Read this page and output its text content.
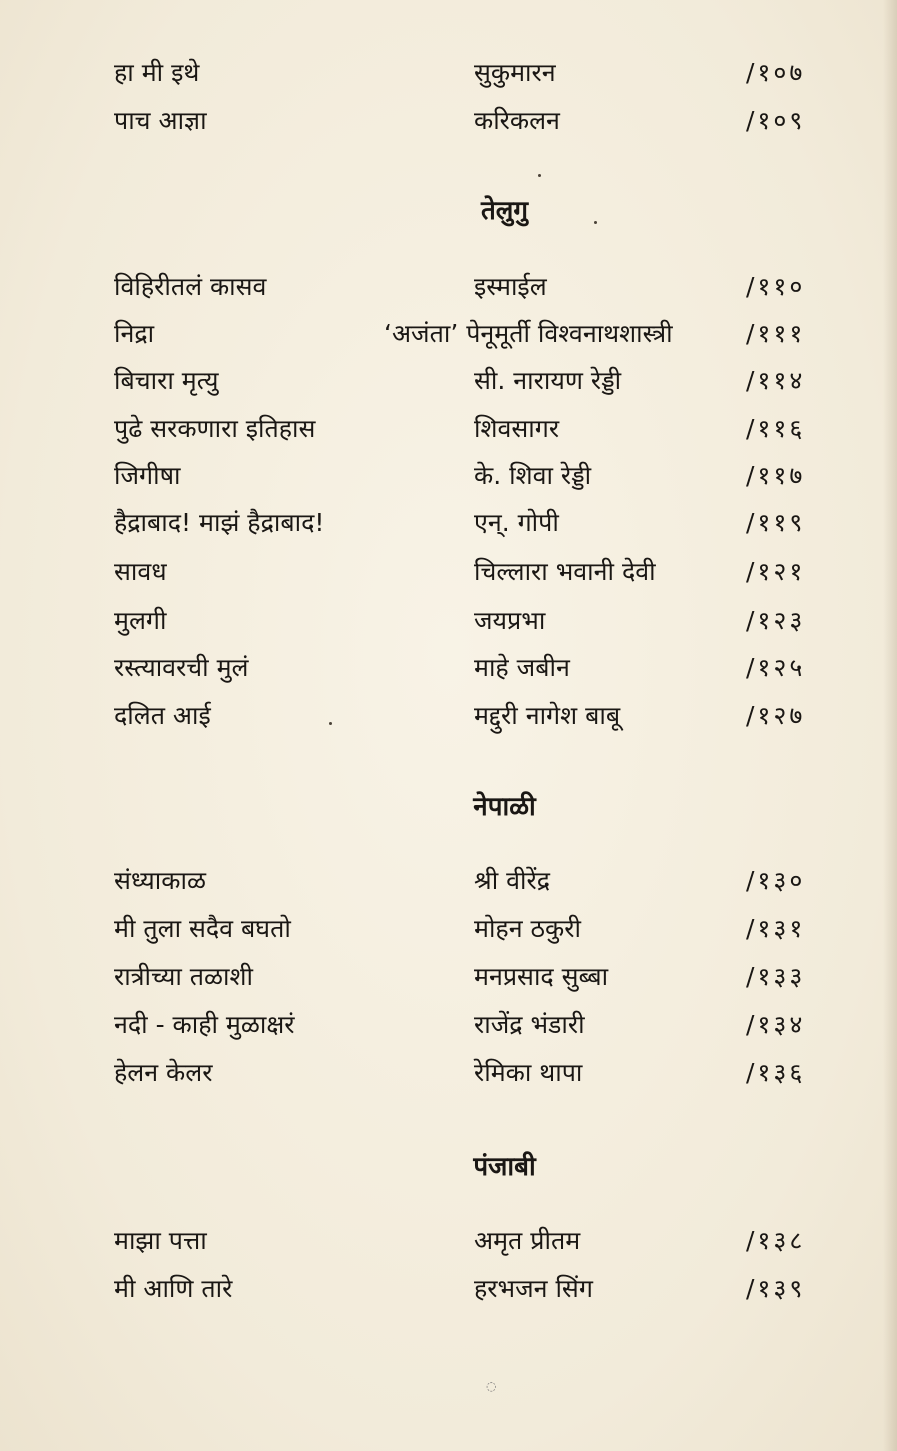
हा मी इथे	सुकुमारन	/१०७
पाच आज्ञा	करिकलन	/१०९
तेलुगु
विहिरीतलं कासव	इस्माईल	/११०
निद्रा	‘अजंता’ पेनूमूर्ती विश्वनाथशास्त्री	/१११
बिचारा मृत्यु	सी. नारायण रेड्डी	/११४
पुढे सरकणारा इतिहास	शिवसागर	/११६
जिगीषा	के. शिवा रेड्डी	/११७
हैद्राबाद! माझं हैद्राबाद!	एन्. गोपी	/११९
सावध	चिल्लारा भवानी देवी	/१२१
मुलगी	जयप्रभा	/१२३
रस्त्यावरची मुलं	माहे जबीन	/१२५
दलित आई	मद्दुरी नागेश बाबू	/१२७
नेपाळी
संध्याकाळ	श्री वीरेंद्र	/१३०
मी तुला सदैव बघतो	मोहन ठकुरी	/१३१
रात्रीच्या तळाशी	मनप्रसाद सुब्बा	/१३३
नदी - काही मुळाक्षरं	राजेंद्र भंडारी	/१३४
हेलन केलर	रेमिका थापा	/१३६
पंजाबी
माझा पत्ता	अमृत प्रीतम	/१३८
मी आणि तारे	हरभजन सिंग	/१३९
◌
